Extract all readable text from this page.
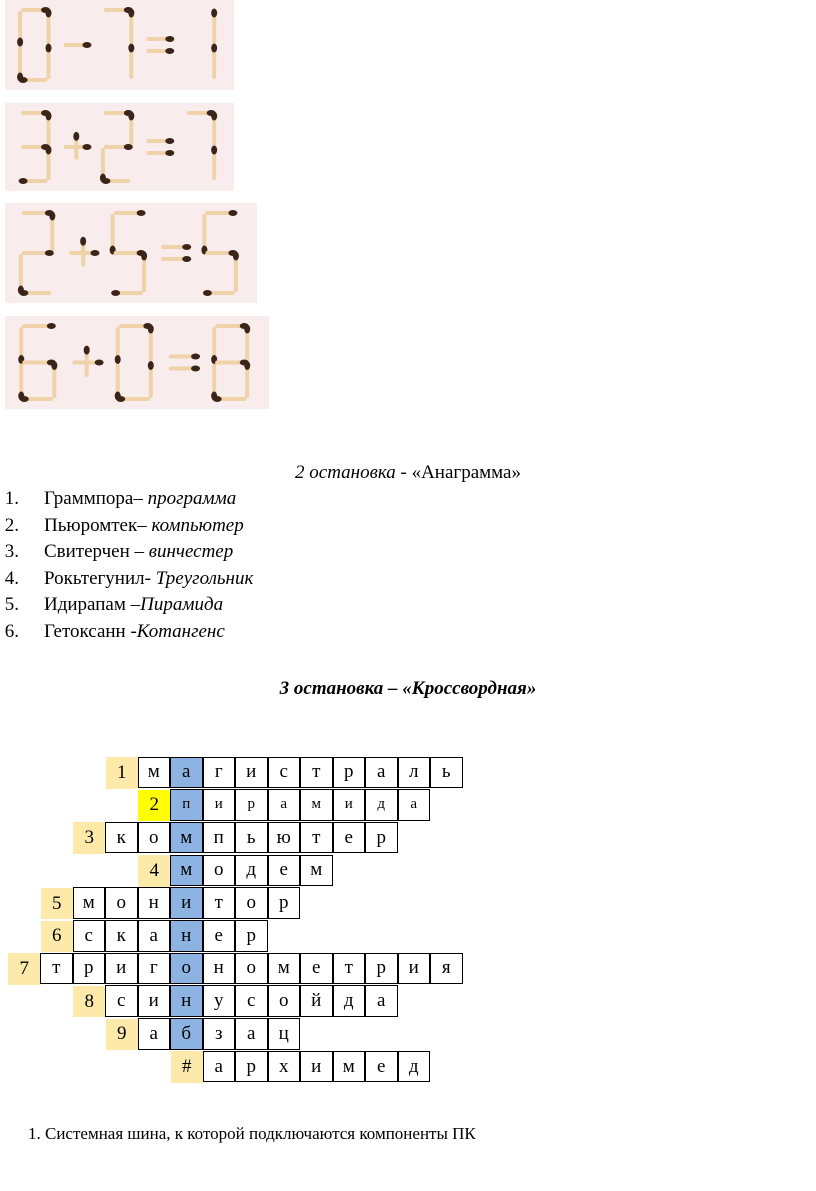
2 остановка - «Анаграмма»
1. Граммпора– программа
2. Пьюромтек– компьютер
3. Свитерчен – винчестер
4. Рокьтегунил- Треугольник
5. Идирапам –Пирамида
6. Гетоксанн -Котангенс
3 остановка – «Кроссвордная»
1	м	а	г	и	с	т	р	а	л	ь
2	п	и	р	а	м	и	д	а
3	к	о	м	п	ь	ю	т	е	р
4	м	о	д	е	м
5	м	о	н	и	т	о	р
6	с	к	а	н	е	р
7	т	р	и	г	о	н	о	м	е	т	р	и	я
8	с	и	н	у	с	о	й	д	а
9	а	б	з	а	ц
#	а	р	х	и	м	е	д
1. Системная шина, к которой подключаются компоненты ПК
